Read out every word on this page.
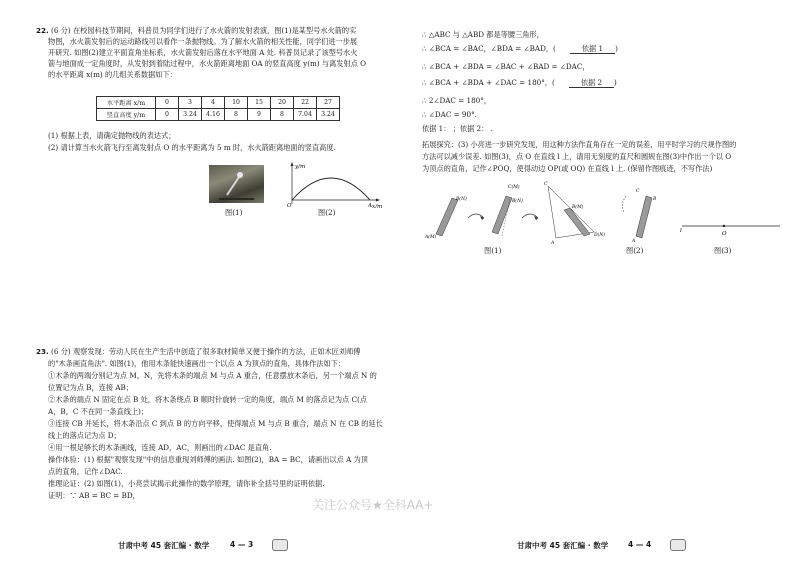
22. (6 分) 在校园科技节期间，科普员为同学们进行了水火箭的发射表演，图(1)是某型号水火箭的实
物图，水火箭发射后的运动路线可以看作一条抛物线。为了解水火箭的相关性能，同学们进一步展
开研究. 如图(2)建立平面直角坐标系，水火箭发射后落在水平地面 A 处. 科普员记录了该型号水火
箭与地面成一定角度时，从发射到着陆过程中，水火箭距离地面 OA 的竖直高度 y(m) 与离发射点 O
的水平距离 x(m) 的几组关系数据如下：
水平距离 x/m	0	3	4	10	15	20	22	27
竖直高度 y/m	0	3.24	4.16	8	9	8	7.04	3.24
(1) 根据上表，请确定抛物线的表达式；
(2) 请计算当水火箭飞行至离发射点 O 的水平距离为 5 m 时，水火箭距离地面的竖直高度.
图(1)
y/m
x/m
O	A
图(2)
23. (6 分) 观察发现：劳动人民在生产生活中创造了很多取材简单又便于操作的方法，正如木匠刘师傅
的"木条画直角法". 如图(1)，他用木条能快速画出一个以点 A 为顶点的直角，具体作法如下：
①木条的两端分别记为点 M，N，先将木条的端点 M 与点 A 重合，任意摆放木条后，另一个端点 N 的
位置记为点 B，连接 AB；
②木条的端点 N 固定在点 B 处，将木条绕点 B 顺时针旋转一定的角度，端点 M 的落点记为点 C(点
A，B，C 不在同一条直线上)；
③连接 CB 并延长，将木条沿点 C 到点 B 的方向平移，使得端点 M 与点 B 重合，端点 N 在 CB 的延长
线上的落点记为点 D；
④用一根足够长的木条画线，连接 AD，AC，则画出的∠DAC 是直角.
操作体验：(1) 根据"观察发现"中的信息重现刘师傅的画法. 如图(2)，BA = BC，请画出以点 A 为顶
点的直角，记作∠DAC.
推理论证：(2) 如图(1)，小亮尝试揭示此操作的数学原理，请你补全括号里的证明依据.
证明：∵ AB = BC = BD，
甘肃中考 45 套汇编 · 数学	4 — 3
∴ △ABC 与 △ABD 都是等腰三角形，
∴ ∠BCA = ∠BAC，∠BDA = ∠BAD，(	依据 1 )
∴ ∠BCA + ∠BDA = ∠BAC + ∠BAD = ∠DAC，
∴ ∠BCA + ∠BDA + ∠DAC = 180°，(	依据 2 )
∴ 2∠DAC = 180°，
∴ ∠DAC = 90°.
依据 1： ；依据 2： .
拓展探究：(3) 小亮进一步研究发现，用这种方法作直角存在一定的误差，用平时学习的尺规作图的
方法可以减少误差. 如图(3)，点 O 在直线 l 上，请用无刻度的直尺和圆规在图(3)中作出一个以 O
为顶点的直角，记作∠POQ，使得动边 OP(或 OQ) 在直线 l 上. (保留作图痕迹，不写作法)
A(M)
B(N)
C(M)
B(N)
C
B(M)
D(N)
A
图(1)
C
B
A
图(2)
l	O
图(3)
关注公众号★全科AA+
甘肃中考 45 套汇编 · 数学	4 — 4
